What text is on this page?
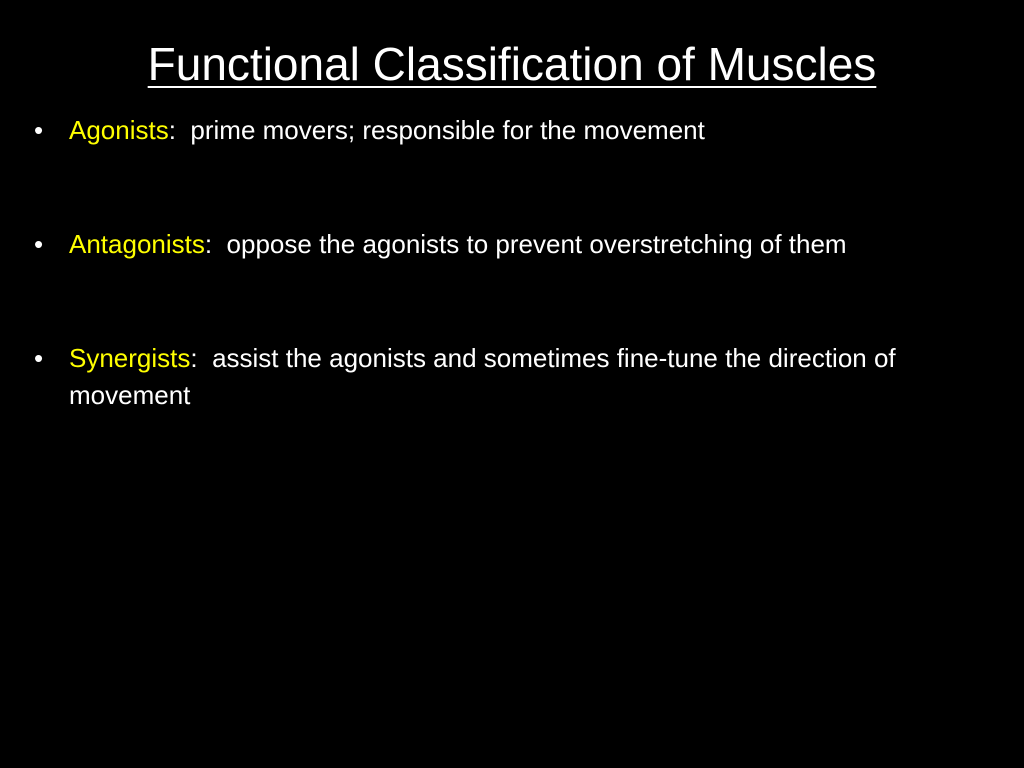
Functional Classification of Muscles
• Agonists:  prime movers; responsible for the movement
• Antagonists:  oppose the agonists to prevent overstretching of them
• Synergists:  assist the agonists and sometimes fine-tune the direction of movement
